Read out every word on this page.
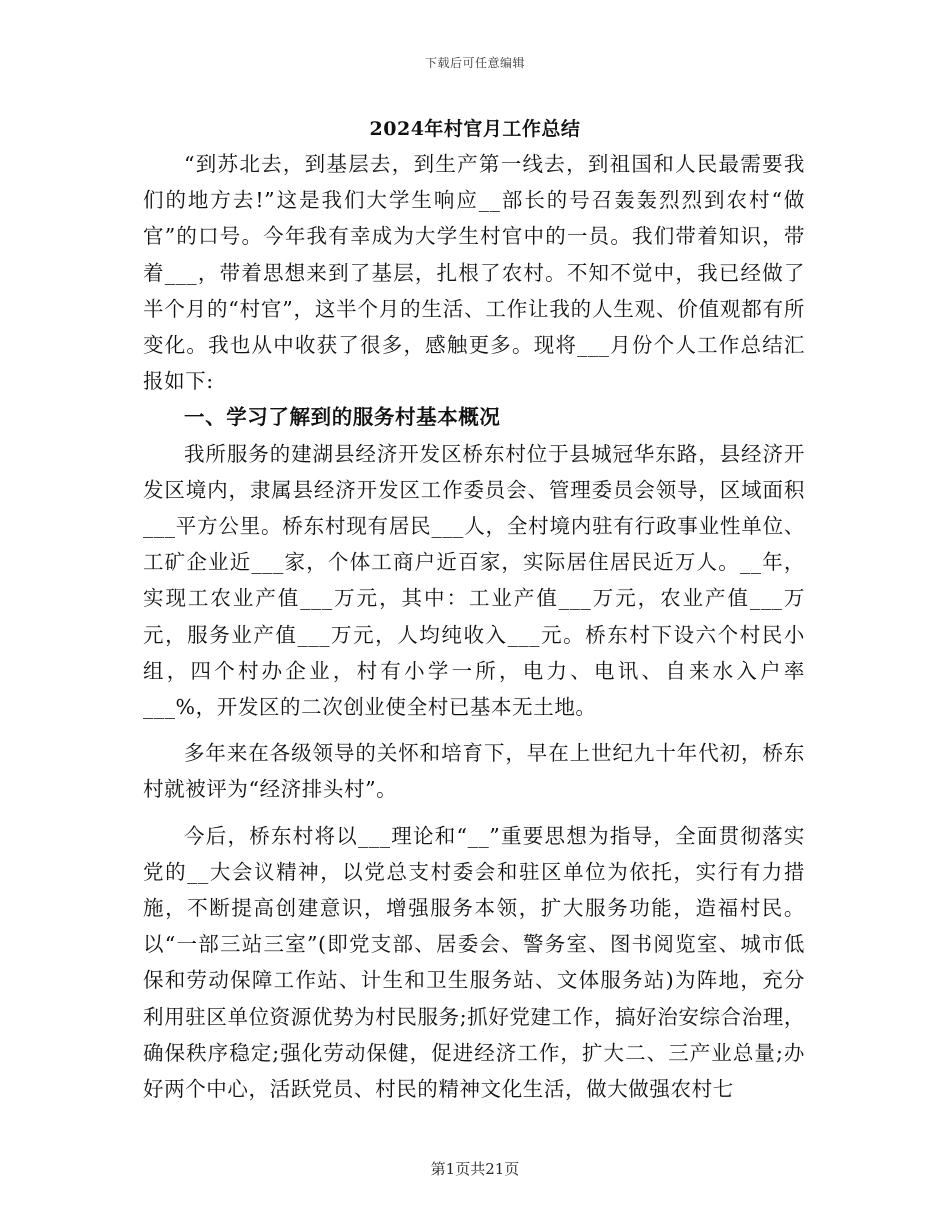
下载后可任意编辑
2024年村官月工作总结

“到苏北去，到基层去，到生产第一线去，到祖国和人民最需要我们的地方去!”这是我们大学生响应__部长的号召轰轰烈烈到农村“做官”的口号。今年我有幸成为大学生村官中的一员。我们带着知识，带着___，带着思想来到了基层，扎根了农村。不知不觉中，我已经做了半个月的“村官”，这半个月的生活、工作让我的人生观、价值观都有所变化。我也从中收获了很多，感触更多。现将___月份个人工作总结汇报如下:

一、学习了解到的服务村基本概况

我所服务的建湖县经济开发区桥东村位于县城冠华东路，县经济开发区境内，隶属县经济开发区工作委员会、管理委员会领导，区域面积___平方公里。桥东村现有居民___人，全村境内驻有行政事业性单位、工矿企业近___家，个体工商户近百家，实际居住居民近万人。__年，实现工农业产值___万元，其中：工业产值___万元，农业产值___万元，服务业产值___万元，人均纯收入___元。桥东村下设六个村民小组，四个村办企业，村有小学一所，电力、电讯、自来水入户率___%，开发区的二次创业使全村已基本无土地。

多年来在各级领导的关怀和培育下，早在上世纪九十年代初，桥东村就被评为“经济排头村”。

今后，桥东村将以___理论和“__”重要思想为指导，全面贯彻落实党的__大会议精神，以党总支村委会和驻区单位为依托，实行有力措施，不断提高创建意识，增强服务本领，扩大服务功能，造福村民。以“一部三站三室”(即党支部、居委会、警务室、图书阅览室、城市低保和劳动保障工作站、计生和卫生服务站、文体服务站)为阵地，充分利用驻区单位资源优势为村民服务;抓好党建工作，搞好治安综合治理，确保秩序稳定;强化劳动保健，促进经济工作，扩大二、三产业总量;办好两个中心，活跃党员、村民的精神文化生活，做大做强农村七

第1页共21页
